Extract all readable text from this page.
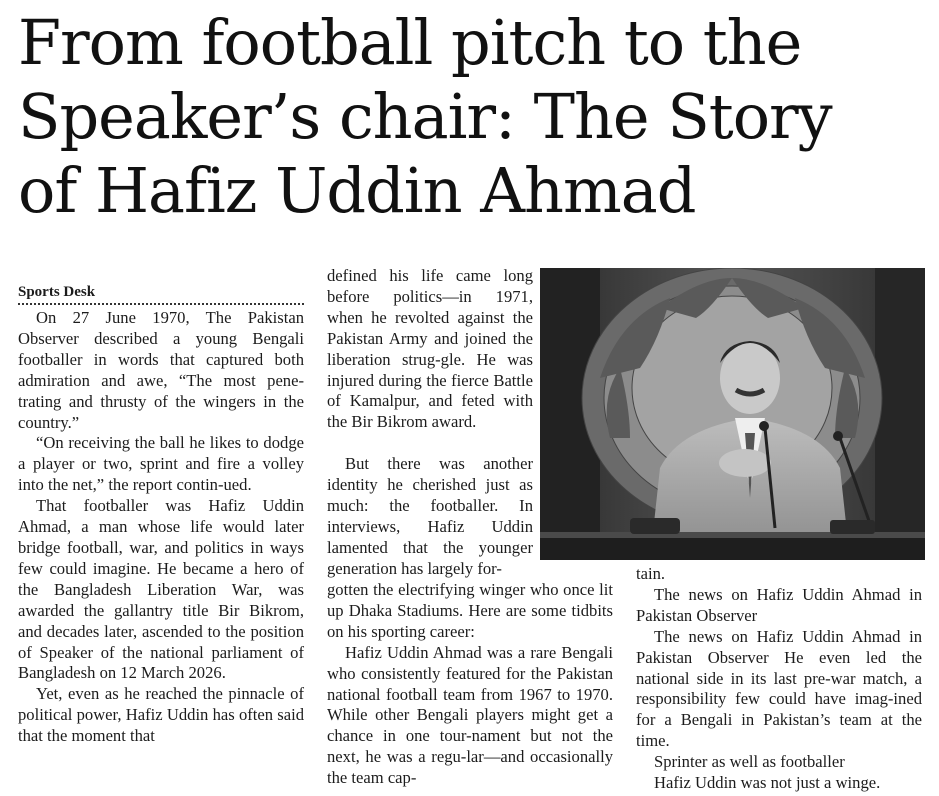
From football pitch to the
Speaker’s chair: The Story
of Hafiz Uddin Ahmad
Sports Desk

On 27 June 1970, The Pakistan Observer described a young Bengali footballer in words that captured both admiration and awe, “The most pene-trating and thrusty of the wingers in the country.”

“On receiving the ball he likes to dodge a player or two, sprint and fire a volley into the net,” the report contin-ued.

That footballer was Hafiz Uddin Ahmad, a man whose life would later bridge football, war, and politics in ways few could imagine. He became a hero of the Bangladesh Liberation War, was awarded the gallantry title Bir Bikrom, and decades later, ascended to the position of Speaker of the national parliament of Bangladesh on 12 March 2026.

Yet, even as he reached the pinnacle of political power, Hafiz Uddin has often said that the moment that

defined his life came long before politics—in 1971, when he revolted against the Pakistan Army and joined the liberation strug-gle. He was injured during the fierce Battle of Kamalpur, and feted with the Bir Bikrom award.

But there was another identity he cherished just as much: the footballer. In interviews, Hafiz Uddin lamented that the younger generation has largely for-

gotten the electrifying winger who once lit up Dhaka Stadiums. Here are some tidbits on his sporting career:

Hafiz Uddin Ahmad was a rare Bengali who consistently featured for the Pakistan national football team from 1967 to 1970. While other Bengali players might get a chance in one tour-nament but not the next, he was a regu-lar—and occasionally the team cap-

tain.

The news on Hafiz Uddin Ahmad in Pakistan Observer

The news on Hafiz Uddin Ahmad in Pakistan Observer He even led the national side in its last pre-war match, a responsibility few could have imag-ined for a Bengali in Pakistan’s team at the time.

Sprinter as well as footballer

Hafiz Uddin was not just a winge.
